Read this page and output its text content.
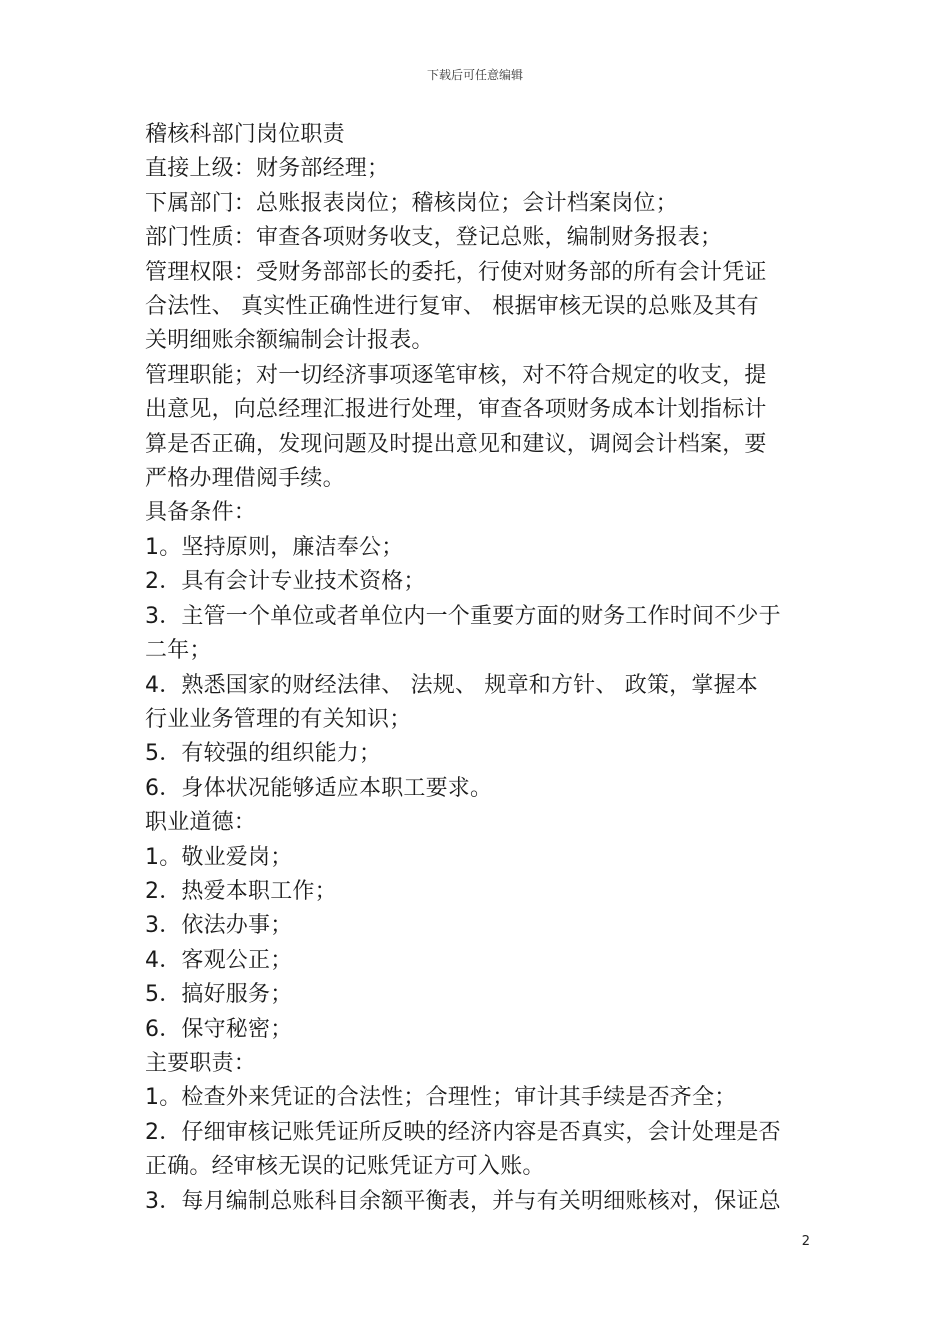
下载后可任意编辑
稽核科部门岗位职责
直接上级：财务部经理；
下属部门：总账报表岗位；稽核岗位；会计档案岗位；
部门性质：审查各项财务收支，登记总账，编制财务报表；
管理权限：受财务部部长的委托，行使对财务部的所有会计凭证
合法性、 真实性正确性进行复审、 根据审核无误的总账及其有
关明细账余额编制会计报表。
管理职能；对一切经济事项逐笔审核，对不符合规定的收支，提
出意见，向总经理汇报进行处理，审查各项财务成本计划指标计
算是否正确，发现问题及时提出意见和建议，调阅会计档案，要
严格办理借阅手续。
具备条件：
1。坚持原则，廉洁奉公；
2．具有会计专业技术资格；
3．主管一个单位或者单位内一个重要方面的财务工作时间不少于
二年；
4．熟悉国家的财经法律、 法规、 规章和方针、 政策，掌握本
行业业务管理的有关知识；
5．有较强的组织能力；
6．身体状况能够适应本职工要求。
职业道德：
1。敬业爱岗；
2．热爱本职工作；
3．依法办事；
4．客观公正；
5．搞好服务；
6．保守秘密；
主要职责：
1。检查外来凭证的合法性；合理性；审计其手续是否齐全；
2．仔细审核记账凭证所反映的经济内容是否真实，会计处理是否
正确。经审核无误的记账凭证方可入账。
3．每月编制总账科目余额平衡表，并与有关明细账核对，保证总
2
